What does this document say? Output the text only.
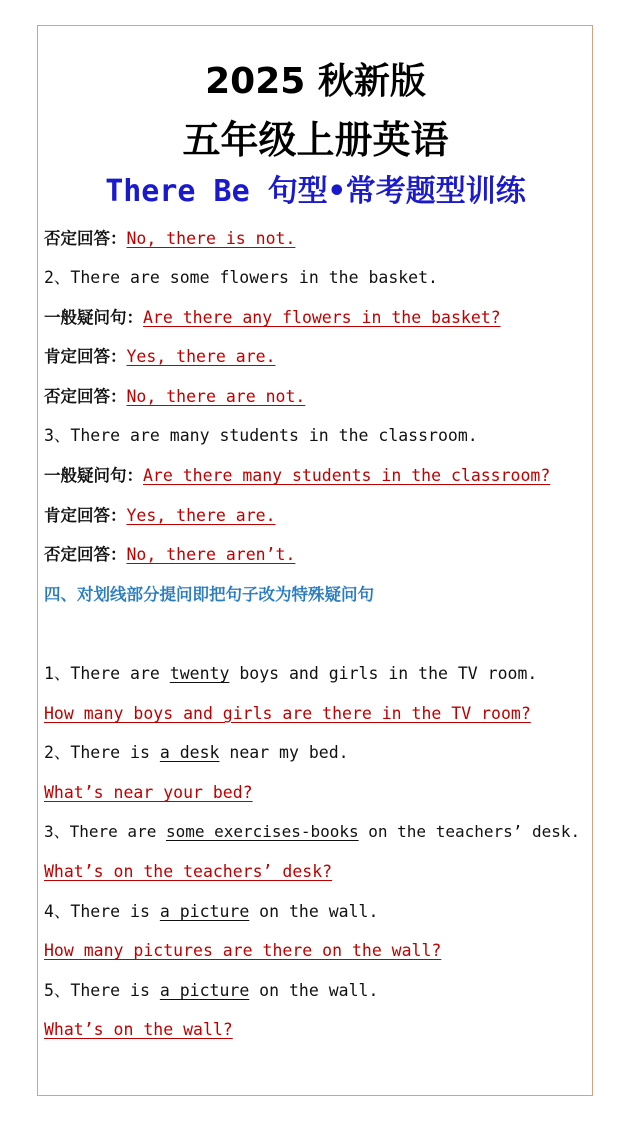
2025 秋新版
五年级上册英语
There Be 句型•常考题型训练
否定回答：No, there is not.
2、There are some flowers in the basket.
一般疑问句：Are there any flowers in the basket?
肯定回答：Yes, there are.
否定回答：No, there are not.
3、There are many students in the classroom.
一般疑问句：Are there many students in the classroom?
肯定回答：Yes, there are.
否定回答：No, there aren’t.
四、对划线部分提问即把句子改为特殊疑问句
1、There are twenty boys and girls in the TV room.
How many boys and girls are there in the TV room?
2、There is a desk near my bed.
What’s near your bed?
3、There are some exercises-books on the teachers’ desk.
What’s on the teachers’ desk?
4、There is a picture on the wall.
How many pictures are there on the wall?
5、There is a picture on the wall.
What’s on the wall?
